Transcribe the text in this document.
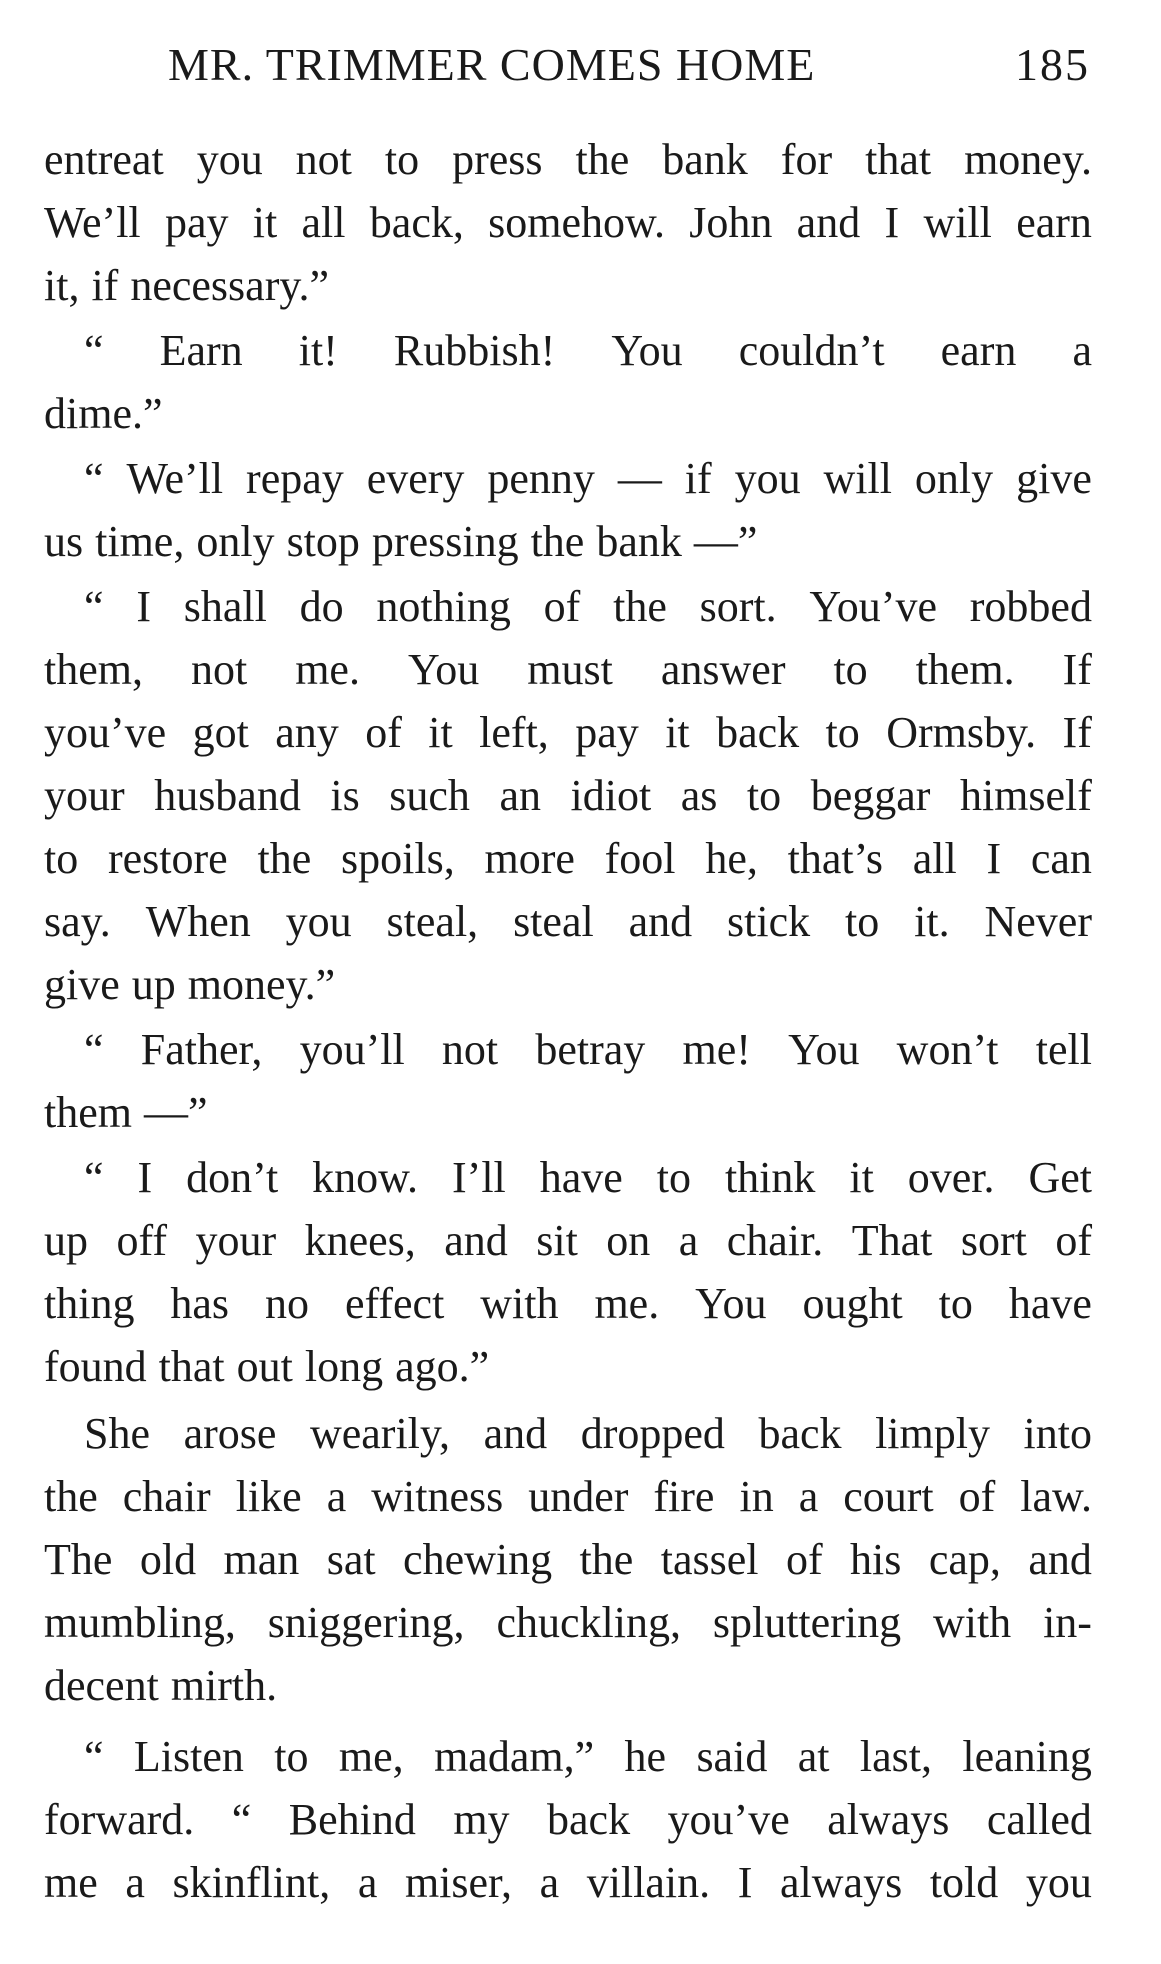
MR. TRIMMER COMES HOME	185
entreat you not to press the bank for that money.
We’ll pay it all back, somehow. John and I will earn
it, if necessary.”
“ Earn it! Rubbish! You couldn’t earn a
dime.”
“ We’ll repay every penny — if you will only give
us time, only stop pressing the bank —”
“ I shall do nothing of the sort. You’ve robbed
them, not me. You must answer to them. If
you’ve got any of it left, pay it back to Ormsby. If
your husband is such an idiot as to beggar himself
to restore the spoils, more fool he, that’s all I can
say. When you steal, steal and stick to it. Never
give up money.”
“ Father, you’ll not betray me! You won’t tell
them —”
“ I don’t know. I’ll have to think it over. Get
up off your knees, and sit on a chair. That sort of
thing has no effect with me. You ought to have
found that out long ago.”
She arose wearily, and dropped back limply into
the chair like a witness under fire in a court of law.
The old man sat chewing the tassel of his cap, and
mumbling, sniggering, chuckling, spluttering with in-
decent mirth.
“ Listen to me, madam,” he said at last, leaning
forward. “ Behind my back you’ve always called
me a skinflint, a miser, a villain. I always told you
